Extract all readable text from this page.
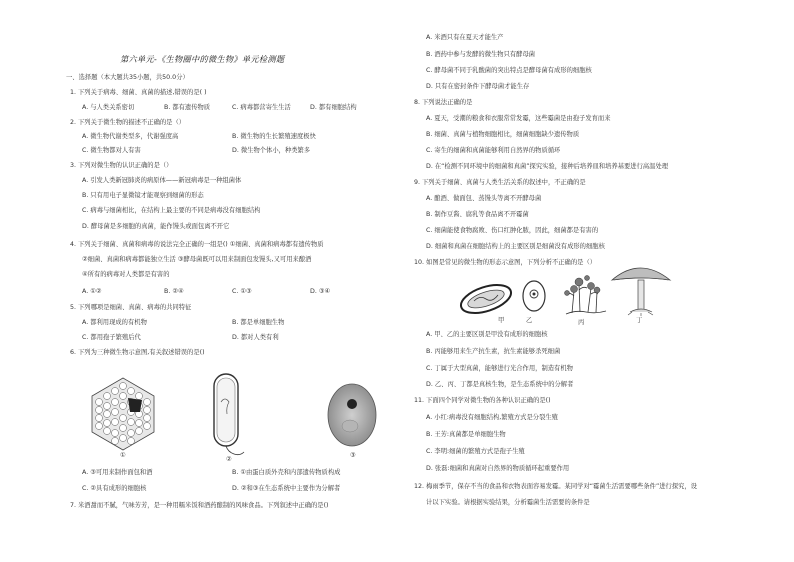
第六单元-《生物圈中的微生物》单元检测题
一、选择题（本大题共35小题，共50.0分）
1. 下列关于病毒、细菌、真菌的描述,错误的是( )
A. 与人类关系密切	B. 都有遗传物质	C. 病毒都营寄生生活	D. 都有细胞结构
2. 下列关于微生物的描述不正确的是（）
A. 微生物代谢类型多，代谢强度高	B. 微生物的生长繁殖速度极快
C. 微生物都对人有害	D. 微生物个体小，种类繁多
3. 下列对微生物的认识正确的是（）
A. 引发人类新冠肺炎的病原体——新冠病毒是一种组菌体
B. 只有用电子显微镜才能观察到细菌的形态
C. 病毒与细菌相比，在结构上最主要的不同是病毒没有细胞结构
D. 酵母菌是多细胞的真菌，能作馒头或面包离不开它
4. 下列关于细菌、真菌和病毒的说法完全正确的一组是() ①细菌、真菌和病毒都有遗传物质
②细菌、真菌和病毒都能独立生活 ③酵母菌既可以用来制面包发馒头,又可用来酿酒
④所有的病毒对人类都是有害的
A. ①②	B. ②④	C. ①③	D. ③④
5. 下列哪项是细菌、真菌、病毒的共同特征
A. 都利用现成的有机物	B. 都是单细胞生物
C. 都用孢子繁殖后代	D. 都对人类有利
6. 下列为三种微生物示意图,有关叙述错误的是()
①
②
③
A. ③可用来制作面包和酒	B. ①由蛋白质外壳和内部遗传物质构成
C. ②具有成形的细胞核	D. ②和③在生态系统中主要作为分解者
7. 米酒甜而不腻，气味芳芳，是一种用糯米饭和酒药酿制的风味食品。下列叙述中正确的是()
A. 米酒只有在夏天才能生产
B. 酒药中参与发酵的微生物只有酵母菌
C. 酵母菌不同于乳酸菌的突出特点是酵母菌有成形的细胞核
D. 只有在密封条件下酵母菌才能生存
8. 下列说法正确的是
A. 夏天，受潮的粮食和衣服常常发霉，这些霉菌是由孢子发育而来
B. 细菌、真菌与植物细胞相比，细菌细胞缺少遗传物质
C. 寄生的细菌和真菌能够利用自然界的物质循环
D. 在“检测不同环境中的细菌和真菌”探究实验，接种后培养皿和培养基要进行高温处理
9. 下列关于细菌、真菌与人类生活关系的叙述中，不正确的是
A. 酿酒、做面包、蒸馒头等离不开酵母菌
B. 制作豆酱、腐乳等食品离不开霉菌
C. 细菌能使食物腐败、伤口红肿化脓，因此，细菌都是有害的
D. 细菌和真菌在细胞结构上的主要区别是细菌没有成形的细胞核
10. 如图是常见的微生物的形态示意图，下列分析不正确的是（）
甲	乙	丙	丁
A. 甲、乙的主要区别是甲没有成形的细胞核
B. 丙能够用来生产抗生素，抗生素能够杀死细菌
C. 丁属于大型真菌，能够进行光合作用，制造有机物
D. 乙、丙、丁都是真核生物，是生态系统中的分解者
11. 下面四个同学对微生物的各种认识正确的是()
A. 小红:病毒没有细胞结构,繁殖方式是分裂生殖
B. 王芳:真菌都是单细胞生物
C. 李明:细菌的繁殖方式是孢子生殖
D. 张磊:细菌和真菌对自然界的物质循环起重要作用
12. 梅雨季节，保存不当的食品和衣物表面容易发霉。某同学对“霉菌生活需要哪些条件”进行探究，设
计以下实验。请根据实验结果，分析霉菌生活需要的条件是
